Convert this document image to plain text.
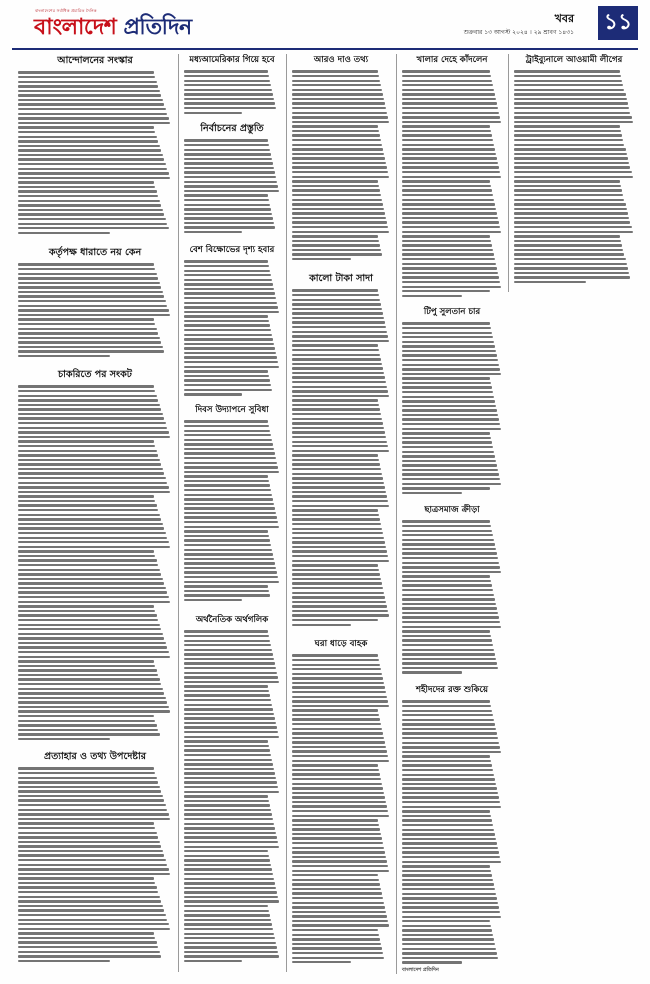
বাংলাদেশের সর্বাধিক প্রচারিত দৈনিক
বাংলাদেশ প্রতিদিন	খবর
শুক্রবার ১৩ আগস্ট ২০২৪ । ২৯ শ্রাবণ ১৪৩১ ১১
আন্দোলনের সংস্কার
কর্তৃপক্ষ ধারাতে নয় কেন
চাকরিতে পর সংকট
প্রত্যাহার ও তথ্য উপদেষ্টার
মধ্যআমেরিকার গিয়ে হবে
নির্বাচনের প্রস্তুতি
বেশ বিক্ষোভের দৃশ্য হবার
দিবস উদ্যাপনে সুবিধা
অর্থনৈতিক অর্থগলিক
আরও দাও তথ্য
কালো টাকা সাদা
ঘরা ধাড়ে বাহক
খালার দেহে কাঁদলেন
টিপু সুলতান চার
ছাত্রসমাজ ক্রীড়া
শহীদদের রক্ত শুকিয়ে
বাংলাদেশ প্রতিদিন
ট্রাইব্যুনালে আওয়ামী লীগের
